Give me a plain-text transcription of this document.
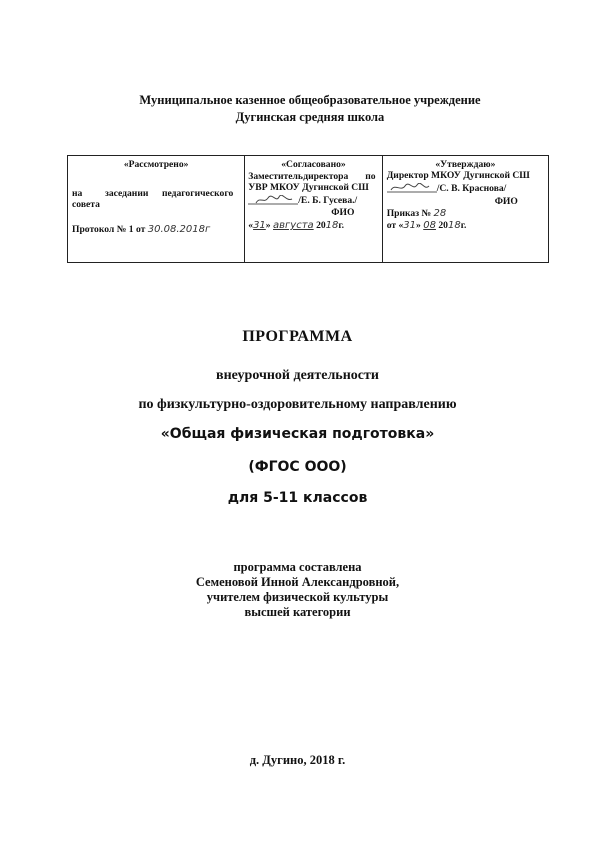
Муниципальное казенное общеобразовательное учреждение
Дугинская средняя школа
«Рассмотрено»
на заседании педагогического
совета
Протокол № 1 от 30.08.2018г
«Согласовано»
Заместитель директора по
УВР МКОУ Дугинской СШ
/Е. Б. Гусева./
ФИО
«31» августа 2018г.
«Утверждаю»
Директор МКОУ Дугинской СШ
/С. В. Краснова/
ФИО
Приказ № 28
от «31» 08 2018г.
ПРОГРАММА
внеурочной деятельности
по физкультурно-оздоровительному направлению
«Общая физическая подготовка»
(ФГОС ООО)
для 5-11 классов
программа составлена
Семеновой Инной Александровной,
учителем физической культуры
высшей категории
д. Дугино, 2018 г.
